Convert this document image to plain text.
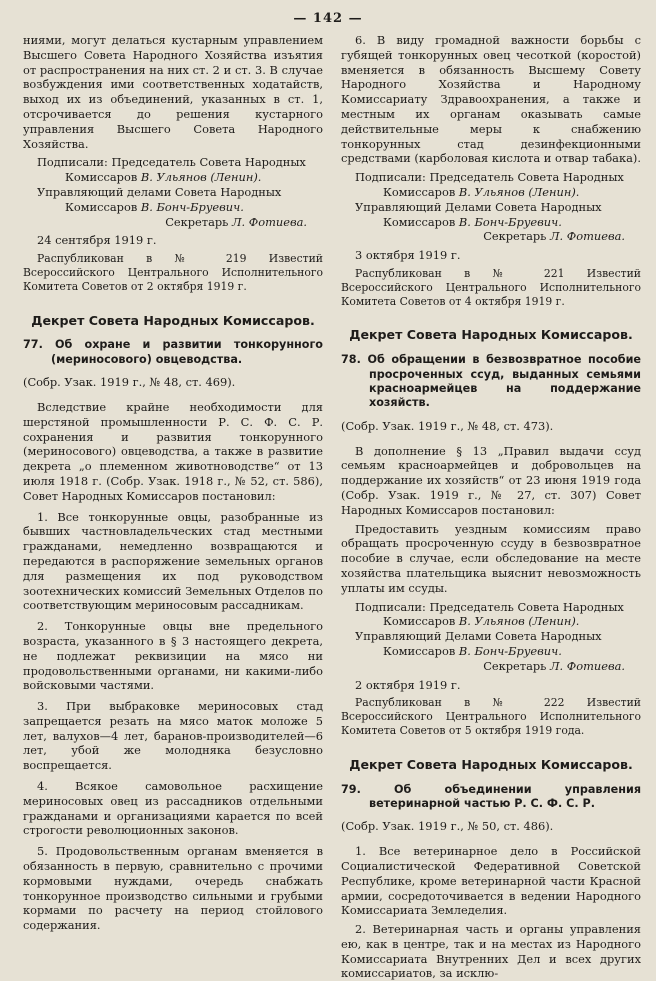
— 142 —

ниями, могут делаться кустарным управлением Высшего Совета Народного Хозяйства изъятия от распространения на них ст. 2 и ст. 3. В случае возбуждения ими соответственных ходатайств, выход их из объединений, указанных в ст. 1, отсрочивается до решения кустарного управления Высшего Совета Народного Хозяйства.

Подписали: Председатель Совета Народных
Комиссаров В. Ульянов (Ленин).
Управляющий делами Совета Народных
Комиссаров В. Бонч-Бруевич.
Секретарь Л. Фотиева.
24 сентября 1919 г.

Распубликован в № 219 Известий Всероссийского Центрального Исполнительного Комитета Советов от 2 октября 1919 г.

Декрет Совета Народных Комиссаров.

77. Об охране и развитии тонкорунного (мериносового) овцеводства.

(Собр. Узак. 1919 г., № 48, ст. 469).

Вследствие крайне необходимости для шерстяной промышленности Р. С. Ф. С. Р. сохранения и развития тонкорунного (мериносового) овцеводства, а также в развитие декрета „о племенном животноводстве“ от 13 июля 1918 г. (Собр. Узак. 1918 г., № 52, ст. 586), Совет Народных Комиссаров постановил:

1. Все тонкорунные овцы, разобранные из бывших частновладельческих стад местными гражданами, немедленно возвращаются и передаются в распоряжение земельных органов для размещения их под руководством зоотехнических комиссий Земельных Отделов по соответствующим мериносовым рассадникам.

2. Тонкорунные овцы вне предельного возраста, указанного в § 3 настоящего декрета, не подлежат реквизиции на мясо ни продовольственными органами, ни какими-либо войсковыми частями.

3. При выбраковке мериносовых стад запрещается резать на мясо маток моложе 5 лет, валухов—4 лет, баранов-производителей—6 лет, убой же молодняка безусловно воспрещается.

4. Всякое самовольное расхищение мериносовых овец из рассадников отдельными гражданами и организациями карается по всей строгости революционных законов.

5. Продовольственным органам вменяется в обязанность в первую, сравнительно с прочими кормовыми нуждами, очередь снабжать тонкорунное производство сильными и грубыми кормами по расчету на период стойлового содержания.

6. В виду громадной важности борьбы с губящей тонкорунных овец чесоткой (коростой) вменяется в обязанность Высшему Совету Народного Хозяйства и Народному Комиссариату Здравоохранения, а также и местным их органам оказывать самые действительные меры к снабжению тонкорунных стад дезинфекционными средствами (карболовая кислота и отвар табака).

Подписали: Председатель Совета Народных
Комиссаров В. Ульянов (Ленин).
Управляющий Делами Совета Народных
Комиссаров В. Бонч-Бруевич.
Секретарь Л. Фотиева.
3 октября 1919 г.

Распубликован в № 221 Известий Всероссийского Центрального Исполнительного Комитета Советов от 4 октября 1919 г.

Декрет Совета Народных Комиссаров.

78. Об обращении в безвозвратное пособие просроченных ссуд, выданных семьями красноармейцев на поддержание хозяйств.

(Собр. Узак. 1919 г., № 48, ст. 473).

В дополнение § 13 „Правил выдачи ссуд семьям красноармейцев и добровольцев на поддержание их хозяйств“ от 23 июня 1919 года (Собр. Узак. 1919 г., № 27, ст. 307) Совет Народных Комиссаров постановил:

Предоставить уездным комиссиям право обращать просроченную ссуду в безвозвратное пособие в случае, если обследование на месте хозяйства плательщика выяснит невозможность уплаты им ссуды.

Подписали: Председатель Совета Народных
Комиссаров В. Ульянов (Ленин).
Управляющий Делами Совета Народных
Комиссаров В. Бонч-Бруевич.
Секретарь Л. Фотиева.
2 октября 1919 г.

Распубликован в № 222 Известий Всероссийского Центрального Исполнительного Комитета Советов от 5 октября 1919 года.

Декрет Совета Народных Комиссаров.

79. Об объединении управления ветеринарной частью Р. С. Ф. С. Р.

(Собр. Узак. 1919 г., № 50, ст. 486).

1. Все ветеринарное дело в Российской Социалистической Федеративной Советской Республике, кроме ветеринарной части Красной армии, сосредоточивается в ведении Народного Комиссариата Земледелия.

2. Ветеринарная часть и органы управления ею, как в центре, так и на местах из Народного Комиссариата Внутренних Дел и всех других комиссариатов, за исклю-
